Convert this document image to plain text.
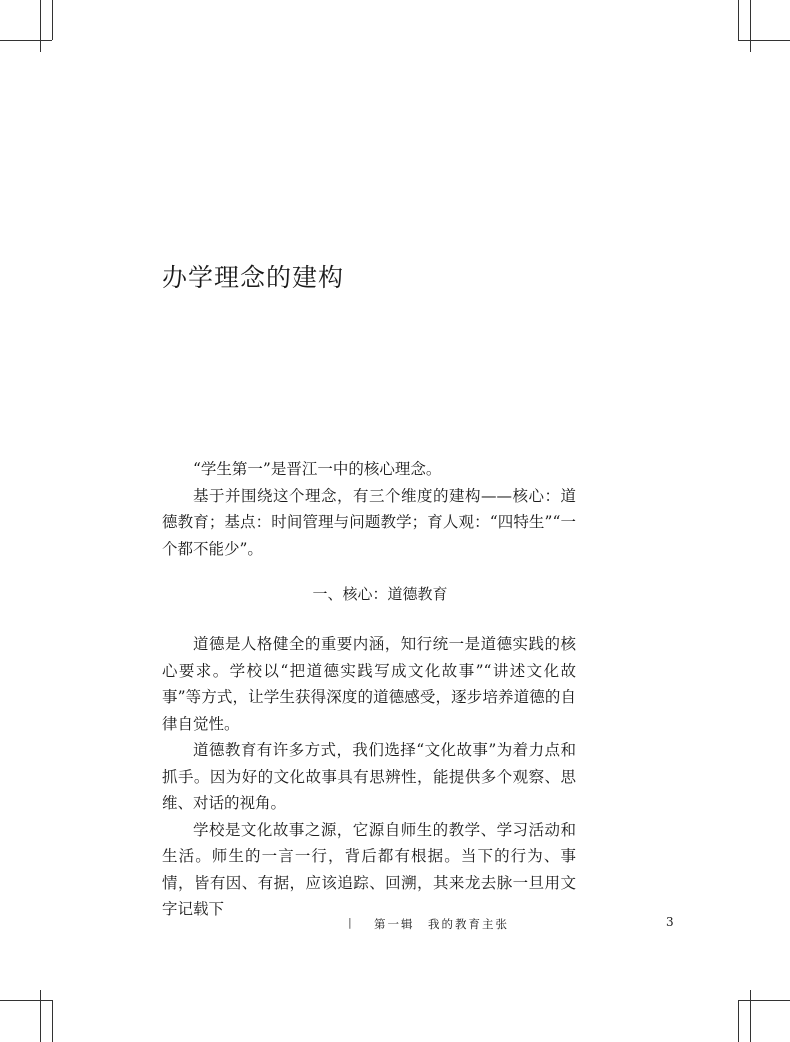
办学理念的建构

“学生第一”是晋江一中的核心理念。

基于并围绕这个理念，有三个维度的建构——核心：道德教育；基点：时间管理与问题教学；育人观：“四特生”“一个都不能少”。

一、核心：道德教育

道德是人格健全的重要内涵，知行统一是道德实践的核心要求。学校以“把道德实践写成文化故事”“讲述文化故事”等方式，让学生获得深度的道德感受，逐步培养道德的自律自觉性。

道德教育有许多方式，我们选择“文化故事”为着力点和抓手。因为好的文化故事具有思辨性，能提供多个观察、思维、对话的视角。

学校是文化故事之源，它源自师生的教学、学习活动和生活。师生的一言一行，背后都有根据。当下的行为、事情，皆有因、有据，应该追踪、回溯，其来龙去脉一旦用文字记载下

| 第一辑　我的教育主张	3
